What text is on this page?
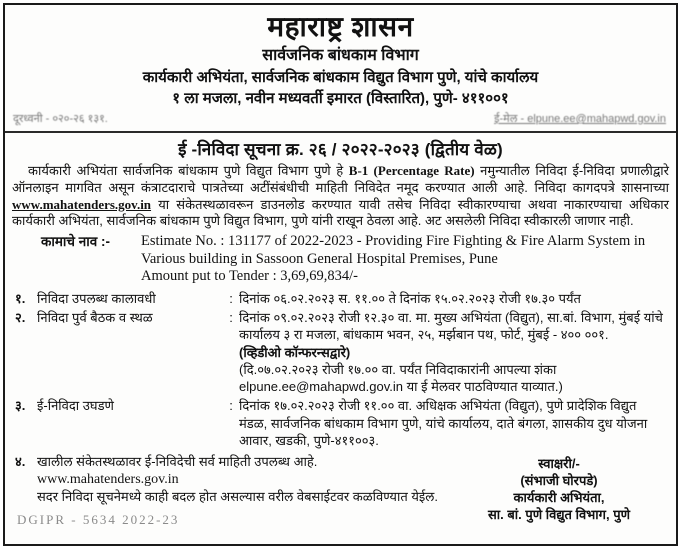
महाराष्ट्र शासन
सार्वजनिक बांधकाम विभाग
कार्यकारी अभियंता, सार्वजनिक बांधकाम विद्युत विभाग पुणे, यांचे कार्यालय
१ ला मजला, नवीन मध्यवर्ती इमारत (विस्तारित), पुणे- ४११००१
दूरध्वनी - ०२०-२६ १३१.	ई-मेल - elpune.ee@mahapwd.gov.in
ई -निविदा सूचना क्र. २६ / २०२२-२०२३ (द्वितीय वेळ)

कार्यकारी अभियंता सार्वजनिक बांधकाम पुणे विद्युत विभाग पुणे हे B-1 (Percentage Rate) नमुन्यातील निविदा ई-निविदा प्रणालीद्वारे ऑनलाइन मागवित असून कंत्राटदाराचे पात्रतेच्या अटींसंबंधीची माहिती निविदेत नमूद करण्यात आली आहे. निविदा कागदपत्रे शासनाच्या www.mahatenders.gov.in या संकेतस्थळावरून डाउनलोड करण्यात यावी तसेच निविदा स्वीकारण्याचा अथवा नाकारण्याचा अधिकार कार्यकारी अभियंता, सार्वजनिक बांधकाम पुणे विद्युत विभाग, पुणे यांनी राखून ठेवला आहे. अट असलेली निविदा स्वीकारली जाणार नाही.

कामाचे नाव :- Estimate No. : 131177 of 2022-2023 - Providing Fire Fighting & Fire Alarm System in Various building in Sassoon General Hospital Premises, Pune
Amount put to Tender : 3,69,69,834/-
१. निविदा उपलब्ध कालावधी	: दिनांक ०६.०२.२०२३ स. ११.०० ते दिनांक १५.०२.२०२३ रोजी १७.३० पर्यंत
२. निविदा पुर्व बैठक व स्थळ	: दिनांक ०९.०२.२०२३ रोजी १२.३० वा. मा. मुख्य अभियंता (विद्युत), सा.बां. विभाग, मुंबई यांचे कार्यालय ३ रा मजला, बांधकाम भवन, २५, मर्झबान पथ, फोर्ट, मुंबई - ४०० ००१.
(व्हिडीओ कॉन्फरन्सद्वारे)
(दि.०७.०२.२०२३ रोजी १७.०० वा. पर्यंत निविदाकारांनी आपल्या शंका elpune.ee@mahapwd.gov.in या ई मेलवर पाठविण्यात याव्यात.)
३. ई-निविदा उघडणे	: दिनांक १७.०२.२०२३ रोजी ११.०० वा. अधिक्षक अभियंता (विद्युत), पुणे प्रादेशिक विद्युत मंडळ, सार्वजनिक बांधकाम विभाग पुणे, यांचे कार्यालय, दाते बंगला, शासकीय दुध योजना आवार, खडकी, पुणे-४११००३.
४. खालील संकेतस्थळावर ई-निविदेची सर्व माहिती उपलब्ध आहे.
www.mahatenders.gov.in
सदर निविदा सूचनेमध्ये काही बदल होत असल्यास वरील वेबसाईटवर कळविण्यात येईल.
DGIPR - 5634 2022-23
स्वाक्षरी/-
(संभाजी घोरपडे)
कार्यकारी अभियंता,
सा. बां. पुणे विद्युत विभाग, पुणे
